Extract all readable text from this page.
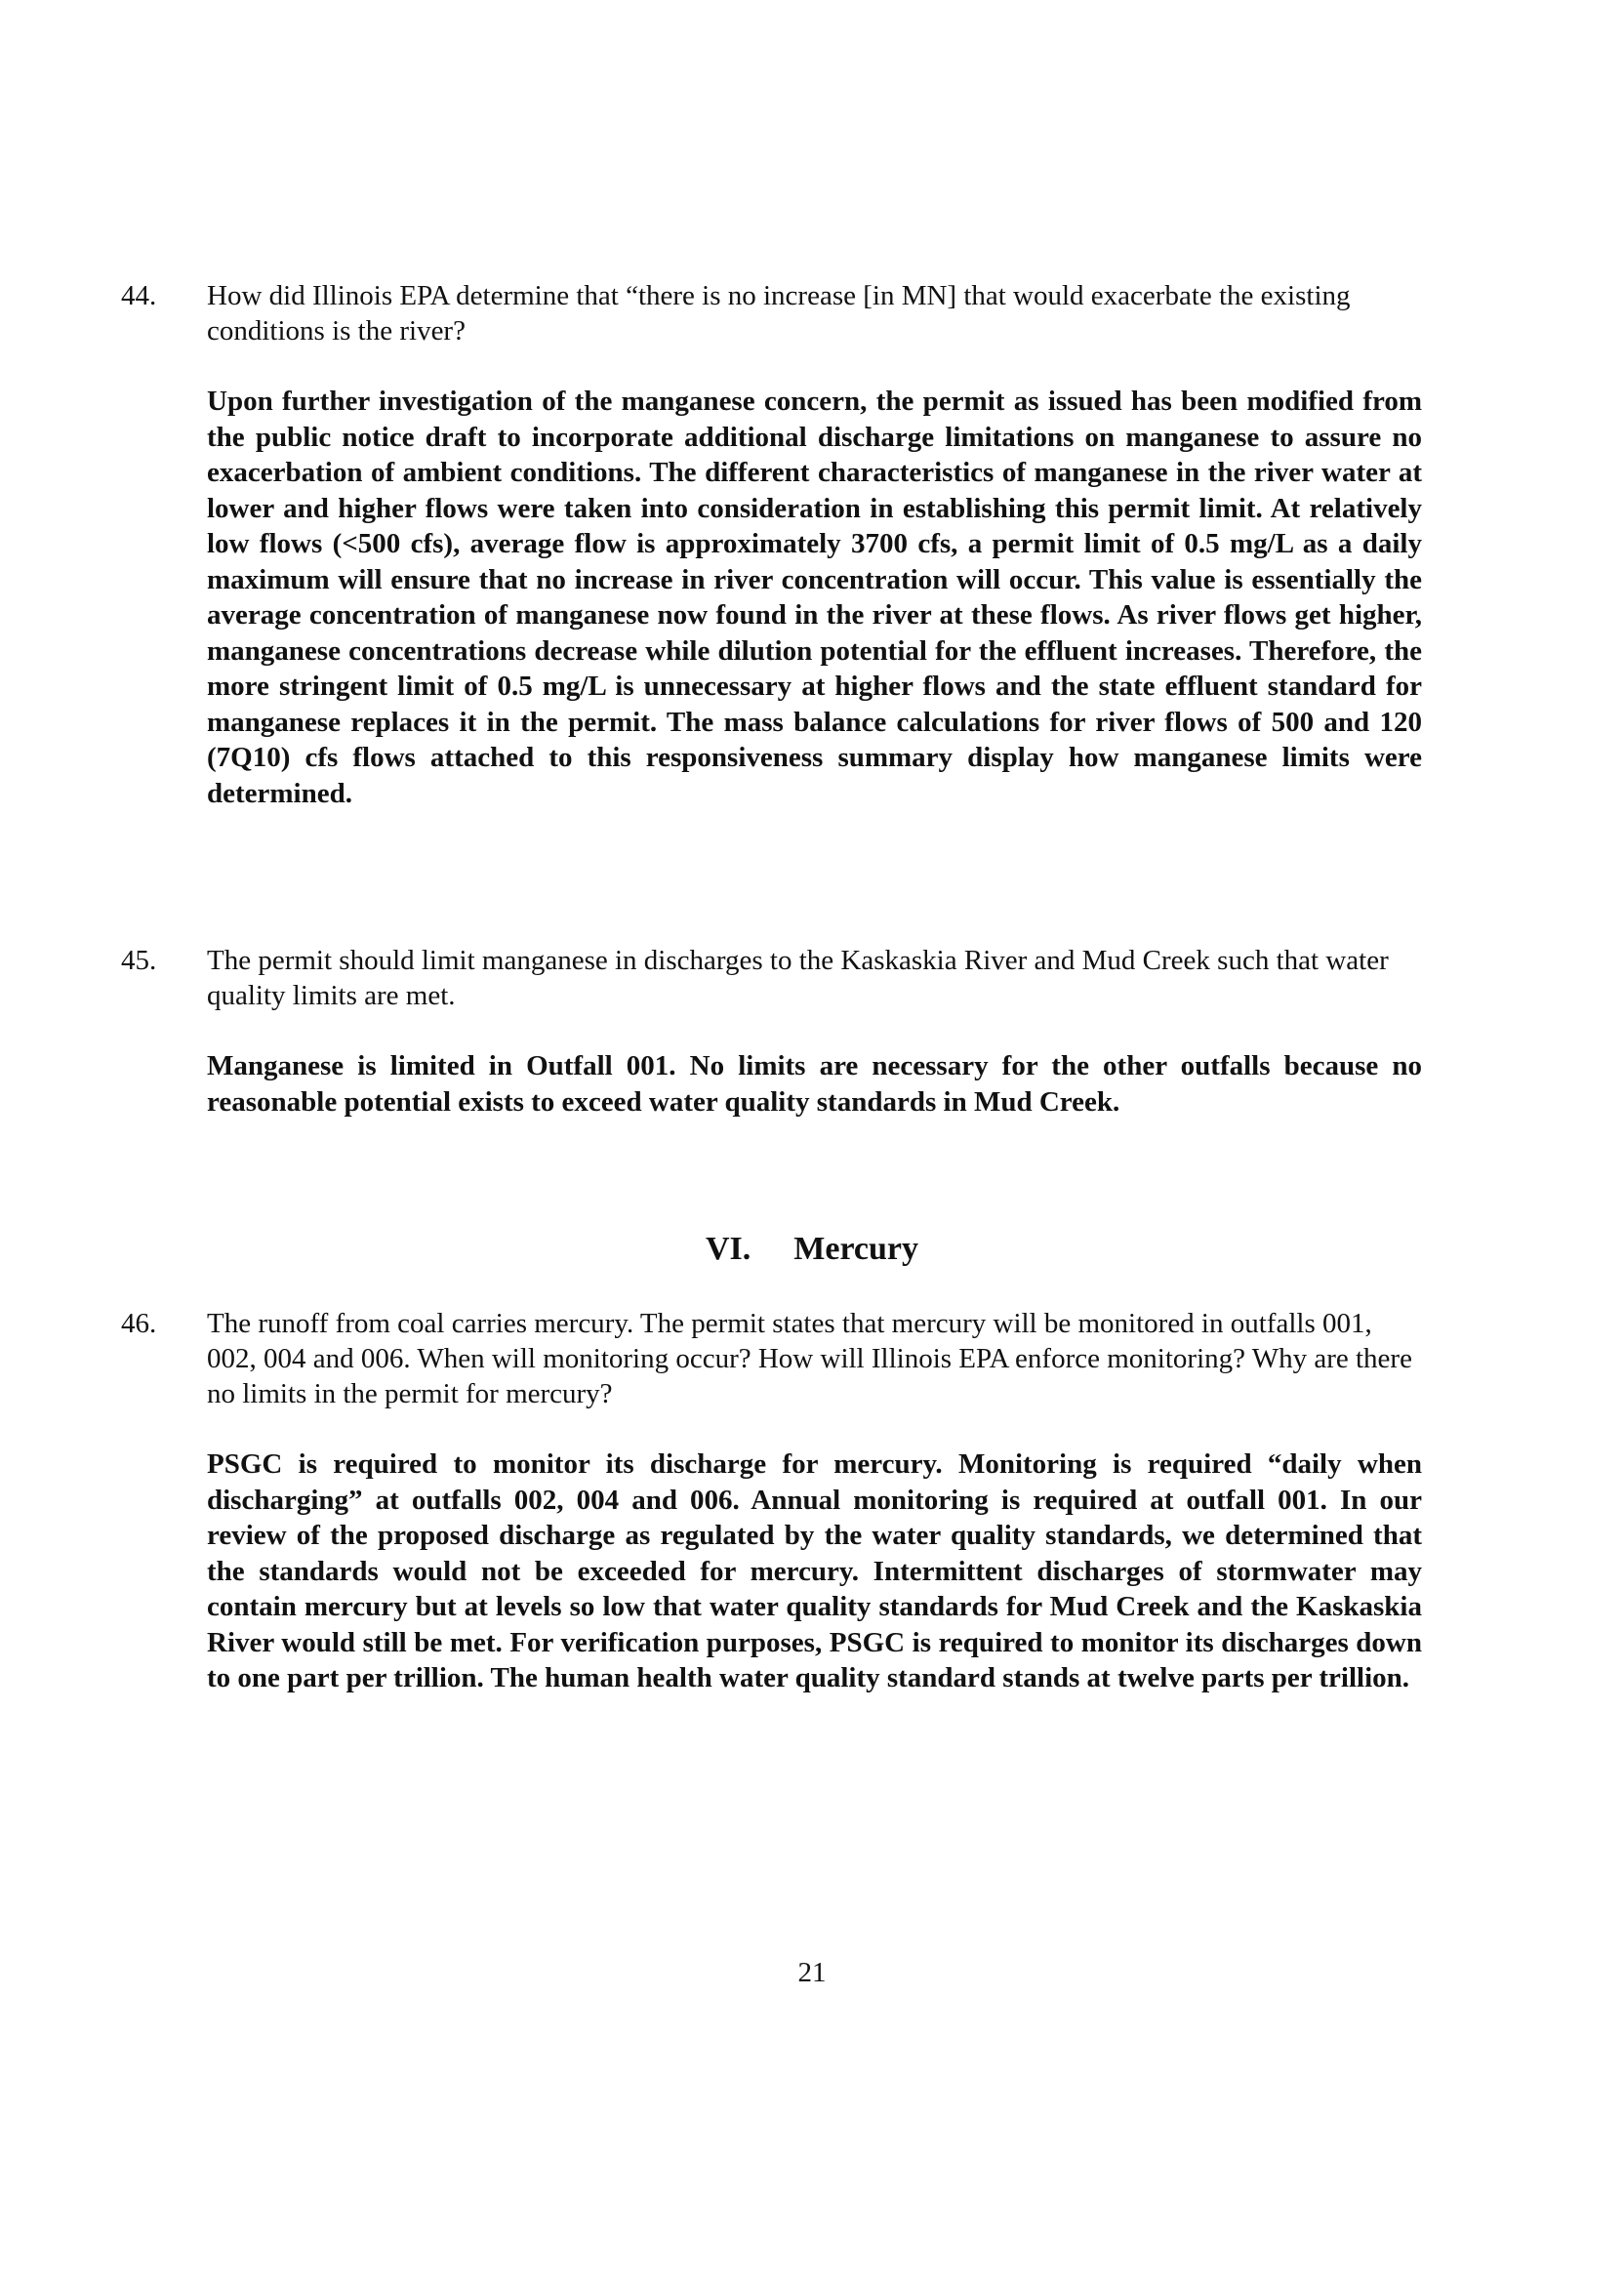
44. How did Illinois EPA determine that “there is no increase [in MN] that would exacerbate the existing conditions is the river?

Upon further investigation of the manganese concern, the permit as issued has been modified from the public notice draft to incorporate additional discharge limitations on manganese to assure no exacerbation of ambient conditions. The different characteristics of manganese in the river water at lower and higher flows were taken into consideration in establishing this permit limit. At relatively low flows (<500 cfs), average flow is approximately 3700 cfs, a permit limit of 0.5 mg/L as a daily maximum will ensure that no increase in river concentration will occur. This value is essentially the average concentration of manganese now found in the river at these flows. As river flows get higher, manganese concentrations decrease while dilution potential for the effluent increases. Therefore, the more stringent limit of 0.5 mg/L is unnecessary at higher flows and the state effluent standard for manganese replaces it in the permit. The mass balance calculations for river flows of 500 and 120 (7Q10) cfs flows attached to this responsiveness summary display how manganese limits were determined.

45. The permit should limit manganese in discharges to the Kaskaskia River and Mud Creek such that water quality limits are met.

Manganese is limited in Outfall 001. No limits are necessary for the other outfalls because no reasonable potential exists to exceed water quality standards in Mud Creek.

VI. Mercury
46. The runoff from coal carries mercury. The permit states that mercury will be monitored in outfalls 001, 002, 004 and 006. When will monitoring occur? How will Illinois EPA enforce monitoring? Why are there no limits in the permit for mercury?

PSGC is required to monitor its discharge for mercury. Monitoring is required “daily when discharging” at outfalls 002, 004 and 006. Annual monitoring is required at outfall 001. In our review of the proposed discharge as regulated by the water quality standards, we determined that the standards would not be exceeded for mercury. Intermittent discharges of stormwater may contain mercury but at levels so low that water quality standards for Mud Creek and the Kaskaskia River would still be met. For verification purposes, PSGC is required to monitor its discharges down to one part per trillion. The human health water quality standard stands at twelve parts per trillion.

21
